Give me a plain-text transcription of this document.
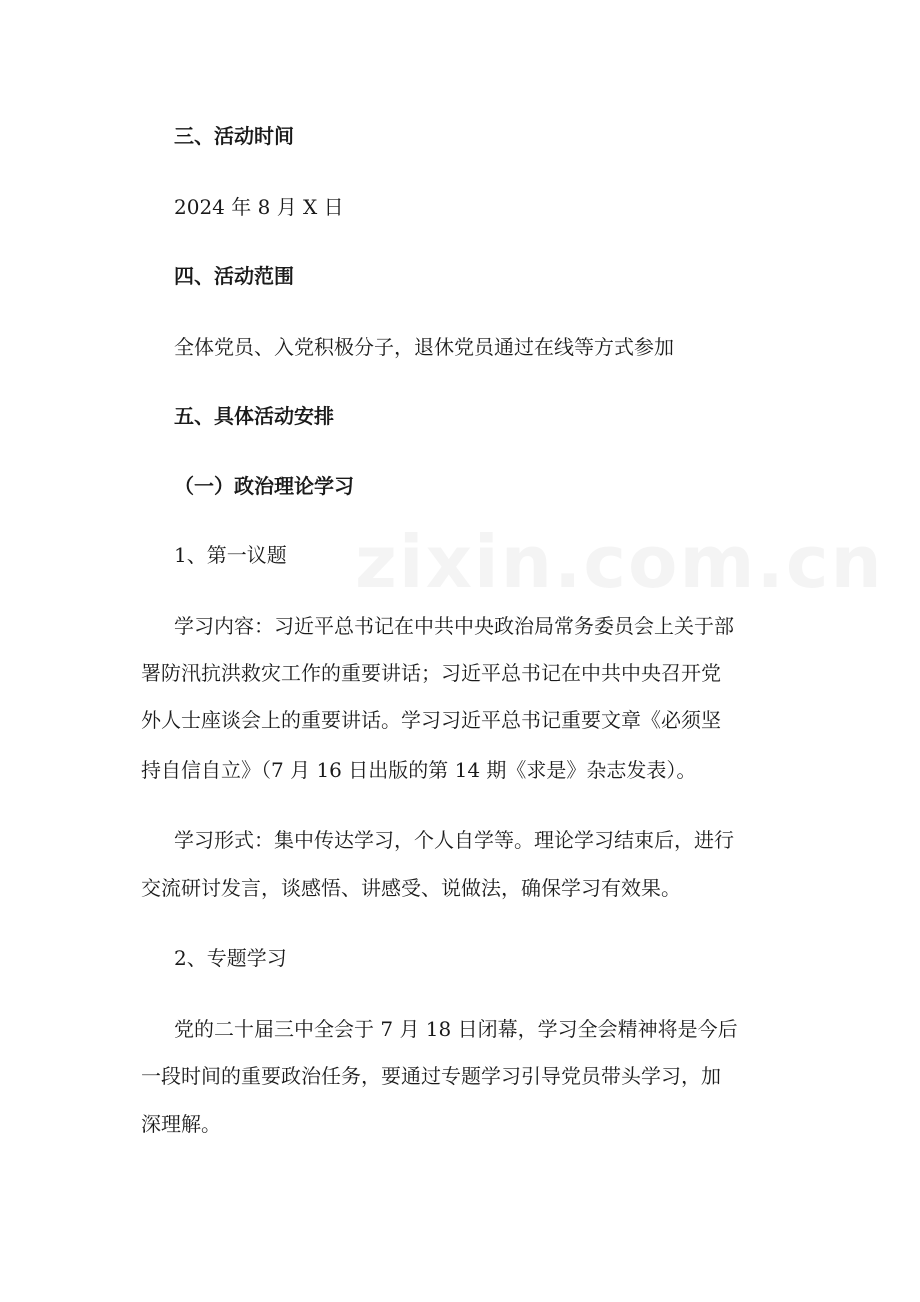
zixin.com.cn
三、活动时间
2024 年 8 月 X 日
四、活动范围
全体党员、入党积极分子，退休党员通过在线等方式参加
五、具体活动安排
（一）政治理论学习
1、第一议题
学习内容：习近平总书记在中共中央政治局常务委员会上关于部
署防汛抗洪救灾工作的重要讲话；习近平总书记在中共中央召开党
外人士座谈会上的重要讲话。学习习近平总书记重要文章《必须坚
持自信自立》（7 月 16 日出版的第 14 期《求是》杂志发表）。
学习形式：集中传达学习，个人自学等。理论学习结束后，进行
交流研讨发言，谈感悟、讲感受、说做法，确保学习有效果。
2、专题学习
党的二十届三中全会于 7 月 18 日闭幕，学习全会精神将是今后
一段时间的重要政治任务，要通过专题学习引导党员带头学习，加
深理解。
